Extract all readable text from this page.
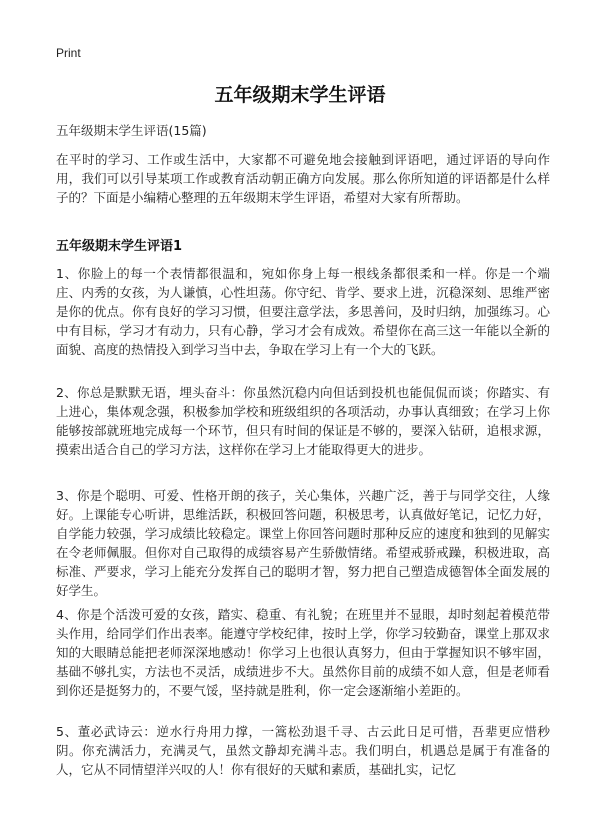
Print
五年级期末学生评语
五年级期末学生评语(15篇)

在平时的学习、工作或生活中，大家都不可避免地会接触到评语吧，通过评语的导向作用，我们可以引导某项工作或教育活动朝正确方向发展。那么你所知道的评语都是什么样子的？下面是小编精心整理的五年级期末学生评语，希望对大家有所帮助。

五年级期末学生评语1

1、你脸上的每一个表情都很温和，宛如你身上每一根线条都很柔和一样。你是一个端庄、内秀的女孩，为人谦慎，心性坦荡。你守纪、肯学、要求上进，沉稳深刻、思维严密是你的优点。你有良好的学习习惯，但要注意学法，多思善问，及时归纳，加强练习。心中有目标，学习才有动力，只有心静，学习才会有成效。希望你在高三这一年能以全新的面貌、高度的热情投入到学习当中去，争取在学习上有一个大的飞跃。

2、你总是默默无语，埋头奋斗：你虽然沉稳内向但话到投机也能侃侃而谈；你踏实、有上进心，集体观念强，积极参加学校和班级组织的各项活动，办事认真细致；在学习上你能够按部就班地完成每一个环节，但只有时间的保证是不够的，要深入钻研，追根求源，摸索出适合自己的学习方法，这样你在学习上才能取得更大的进步。

3、你是个聪明、可爱、性格开朗的孩子，关心集体，兴趣广泛，善于与同学交往，人缘好。上课能专心听讲，思维活跃，积极回答问题，积极思考，认真做好笔记，记忆力好，自学能力较强，学习成绩比较稳定。课堂上你回答问题时那种反应的速度和独到的见解实在令老师佩服。但你对自己取得的成绩容易产生骄傲情绪。希望戒骄戒躁，积极进取，高标准、严要求，学习上能充分发挥自己的聪明才智，努力把自己塑造成德智体全面发展的好学生。

4、你是个活泼可爱的女孩，踏实、稳重、有礼貌；在班里并不显眼，却时刻起着模范带头作用，给同学们作出表率。能遵守学校纪律，按时上学，你学习较勤奋，课堂上那双求知的大眼睛总能把老师深深地感动！你学习上也很认真努力，但由于掌握知识不够牢固，基础不够扎实，方法也不灵活，成绩进步不大。虽然你目前的成绩不如人意，但是老师看到你还是挺努力的，不要气馁，坚持就是胜利，你一定会逐渐缩小差距的。

5、董必武诗云：逆水行舟用力撑，一篙松劲退千寻、古云此日足可惜，吾辈更应惜秒阴。你充满活力，充满灵气，虽然文静却充满斗志。我们明白，机遇总是属于有准备的人，它从不同情望洋兴叹的人！你有很好的天赋和素质，基础扎实，记忆
